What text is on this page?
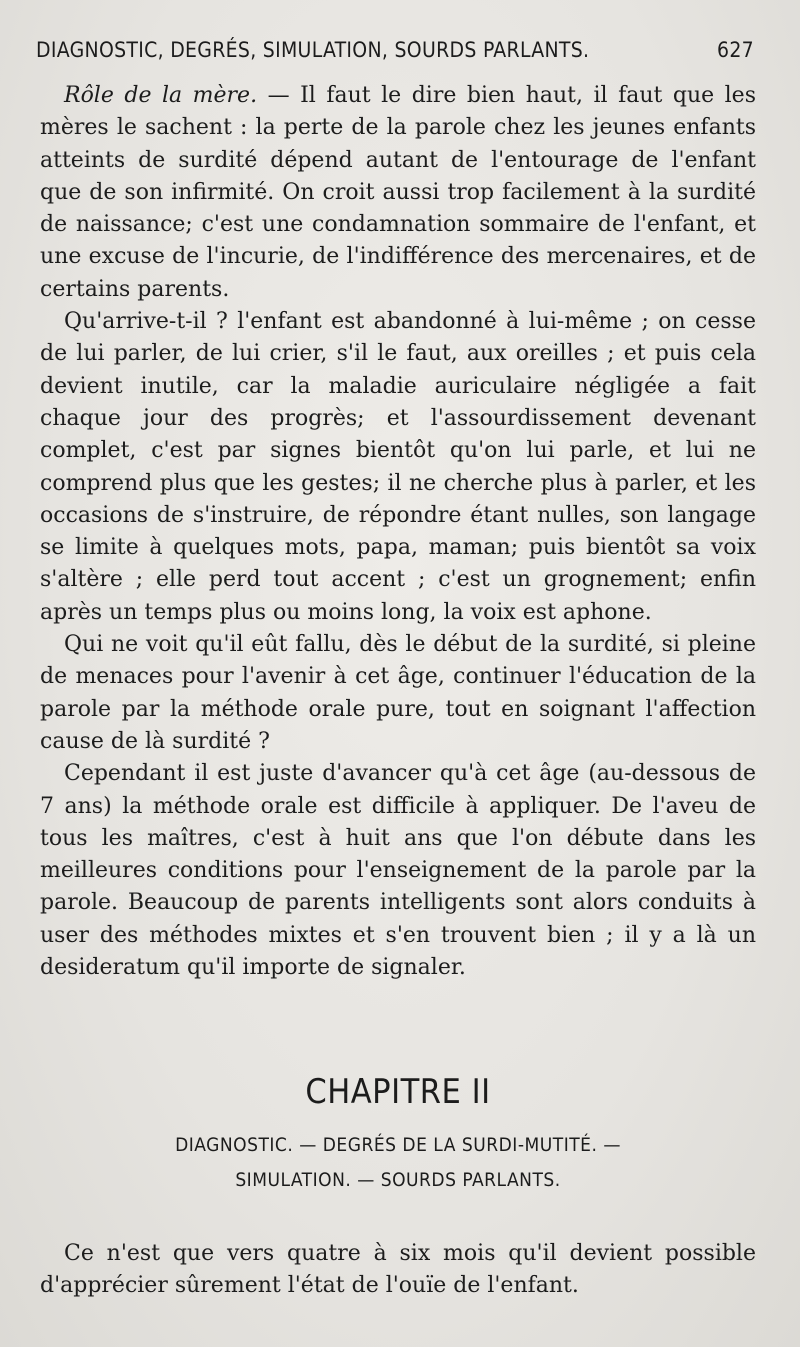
DIAGNOSTIC, DEGRÉS, SIMULATION, SOURDS PARLANTS.	627

Rôle de la mère. — Il faut le dire bien haut, il faut que les mères le sachent : la perte de la parole chez les jeunes enfants atteints de surdité dépend autant de l'entourage de l'enfant que de son infirmité. On croit aussi trop facilement à la surdité de naissance; c'est une condamnation sommaire de l'enfant, et une excuse de l'incurie, de l'indifférence des mercenaires, et de certains parents.

Qu'arrive-t-il ? l'enfant est abandonné à lui-même ; on cesse de lui parler, de lui crier, s'il le faut, aux oreilles ; et puis cela devient inutile, car la maladie auriculaire négligée a fait chaque jour des progrès; et l'assourdissement devenant complet, c'est par signes bientôt qu'on lui parle, et lui ne comprend plus que les gestes; il ne cherche plus à parler, et les occasions de s'instruire, de répondre étant nulles, son langage se limite à quelques mots, papa, maman; puis bientôt sa voix s'altère ; elle perd tout accent ; c'est un grognement; enfin après un temps plus ou moins long, la voix est aphone.

Qui ne voit qu'il eût fallu, dès le début de la surdité, si pleine de menaces pour l'avenir à cet âge, continuer l'éducation de la parole par la méthode orale pure, tout en soignant l'affection cause de là surdité ?

Cependant il est juste d'avancer qu'à cet âge (au-dessous de 7 ans) la méthode orale est difficile à appliquer. De l'aveu de tous les maîtres, c'est à huit ans que l'on débute dans les meilleures conditions pour l'enseignement de la parole par la parole. Beaucoup de parents intelligents sont alors conduits à user des méthodes mixtes et s'en trouvent bien ; il y a là un desideratum qu'il importe de signaler.

CHAPITRE II
DIAGNOSTIC. — DEGRÉS DE LA SURDI-MUTITÉ. —
SIMULATION. — SOURDS PARLANTS.

Ce n'est que vers quatre à six mois qu'il devient possible d'apprécier sûrement l'état de l'ouïe de l'enfant.
